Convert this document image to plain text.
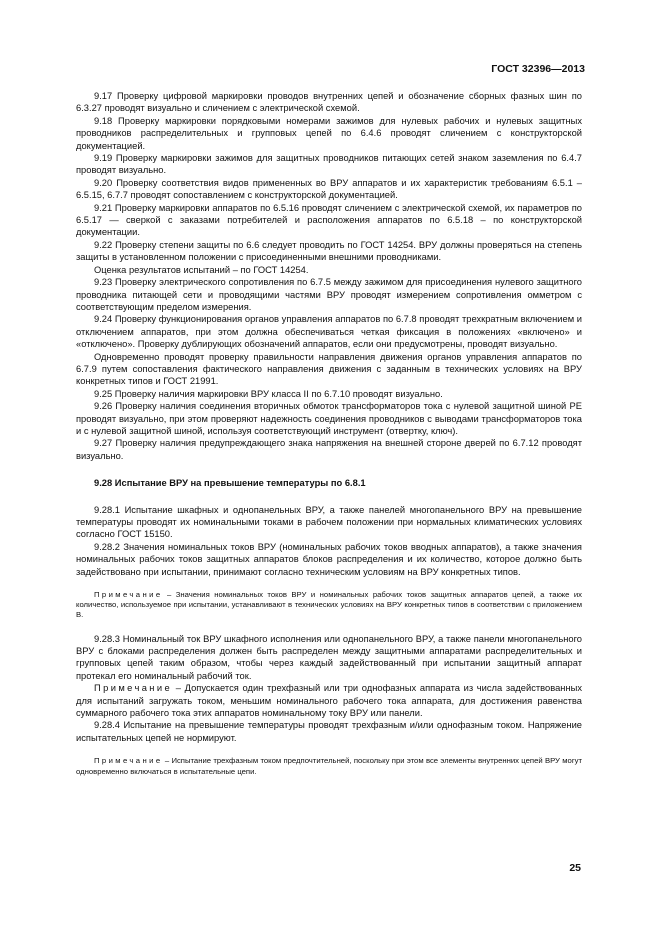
ГОСТ 32396—2013

9.17 Проверку цифровой маркировки проводов внутренних цепей и обозначение сборных фазных шин по 6.3.27 проводят визуально и сличением с электрической схемой.

9.18 Проверку маркировки порядковыми номерами зажимов для нулевых рабочих и нулевых защитных проводников распределительных и групповых цепей по 6.4.6 проводят сличением с конструкторской документацией.

9.19 Проверку маркировки зажимов для защитных проводников питающих сетей знаком заземления по 6.4.7 проводят визуально.

9.20 Проверку соответствия видов примененных во ВРУ аппаратов и их характеристик требованиям 6.5.1 – 6.5.15, 6.7.7 проводят сопоставлением с конструкторской документацией.

9.21 Проверку маркировки аппаратов по 6.5.16 проводят сличением с электрической схемой, их параметров по 6.5.17 — сверкой с заказами потребителей и расположения аппаратов по 6.5.18 – по конструкторской документации.

9.22 Проверку степени защиты по 6.6 следует проводить по ГОСТ 14254. ВРУ должны проверяться на степень защиты в установленном положении с присоединенными внешними проводниками.

Оценка результатов испытаний – по ГОСТ 14254.

9.23 Проверку электрического сопротивления по 6.7.5 между зажимом для присоединения нулевого защитного проводника питающей сети и проводящими частями ВРУ проводят измерением сопротивления омметром с соответствующим пределом измерения.

9.24 Проверку функционирования органов управления аппаратов по 6.7.8 проводят трехкратным включением и отключением аппаратов, при этом должна обеспечиваться четкая фиксация в положениях «включено» и «отключено». Проверку дублирующих обозначений аппаратов, если они предусмотрены, проводят визуально.

Одновременно проводят проверку правильности направления движения органов управления аппаратов по 6.7.9 путем сопоставления фактического направления движения с заданным в технических условиях на ВРУ конкретных типов и ГОСТ 21991.

9.25 Проверку наличия маркировки ВРУ класса II по 6.7.10 проводят визуально.

9.26 Проверку наличия соединения вторичных обмоток трансформаторов тока с нулевой защитной шиной PE проводят визуально, при этом проверяют надежность соединения проводников с выводами трансформаторов тока и с нулевой защитной шиной, используя соответствующий инструмент (отвертку, ключ).

9.27 Проверку наличия предупреждающего знака напряжения на внешней стороне дверей по 6.7.12 проводят визуально.

9.28 Испытание ВРУ на превышение температуры по 6.8.1

9.28.1 Испытание шкафных и однопанельных ВРУ, а также панелей многопанельного ВРУ на превышение температуры проводят их номинальными токами в рабочем положении при нормальных климатических условиях согласно ГОСТ 15150.

9.28.2 Значения номинальных токов ВРУ (номинальных рабочих токов вводных аппаратов), а также значения номинальных рабочих токов защитных аппаратов блоков распределения и их количество, которое должно быть задействовано при испытании, принимают согласно техническим условиям на ВРУ конкретных типов.

Примечание – Значения номинальных токов ВРУ и номинальных рабочих токов защитных аппаратов цепей, а также их количество, используемое при испытании, устанавливают в технических условиях на ВРУ конкретных типов в соответствии с приложением В.

9.28.3 Номинальный ток ВРУ шкафного исполнения или однопанельного ВРУ, а также панели многопанельного ВРУ с блоками распределения должен быть распределен между защитными аппаратами распределительных и групповых цепей таким образом, чтобы через каждый задействованный при испытании защитный аппарат протекал его номинальный рабочий ток.

Примечание – Допускается один трехфазный или три однофазных аппарата из числа задействованных для испытаний загружать током, меньшим номинального рабочего тока аппарата, для достижения равенства суммарного рабочего тока этих аппаратов номинальному току ВРУ или панели.

9.28.4 Испытание на превышение температуры проводят трехфазным и/или однофазным током. Напряжение испытательных цепей не нормируют.

Примечание – Испытание трехфазным током предпочтительней, поскольку при этом все элементы внутренних цепей ВРУ могут одновременно включаться в испытательные цепи.

25
